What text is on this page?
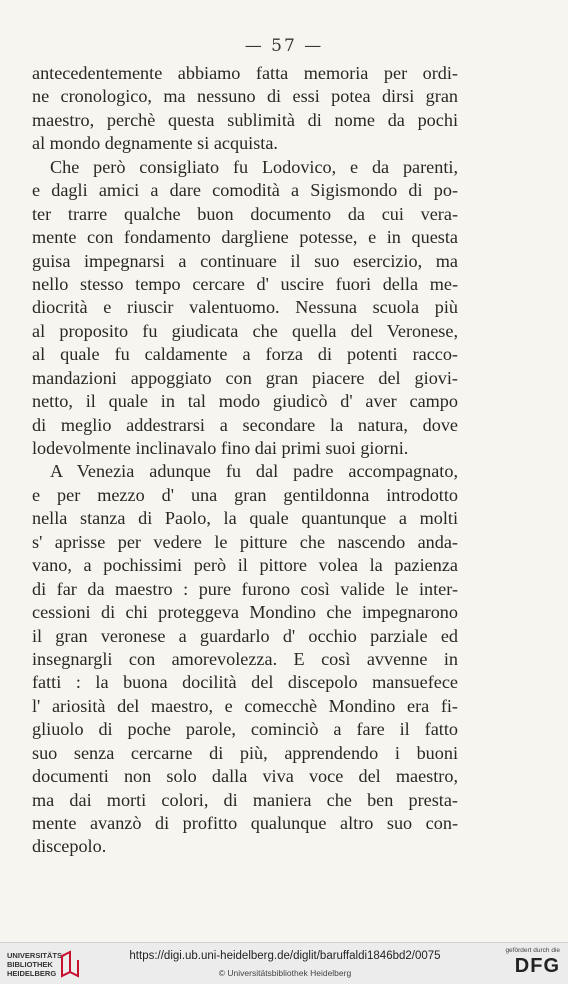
— 57 —
antecedentemente abbiamo fatta memoria per ordi-
ne cronologico, ma nessuno di essi potea dirsi gran
maestro, perchè questa sublimità di nome da pochi
al mondo degnamente si acquista.
Che però consigliato fu Lodovico, e da parenti,
e dagli amici a dare comodità a Sigismondo di po-
ter trarre qualche buon documento da cui vera-
mente con fondamento dargliene potesse, e in questa
guisa impegnarsi a continuare il suo esercizio, ma
nello stesso tempo cercare d' uscire fuori della me-
diocrità e riuscir valentuomo. Nessuna scuola più
al proposito fu giudicata che quella del Veronese,
al quale fu caldamente a forza di potenti racco-
mandazioni appoggiato con gran piacere del giovi-
netto, il quale in tal modo giudicò d' aver campo
di meglio addestrarsi a secondare la natura, dove
lodevolmente inclinavalo fino dai primi suoi giorni.
A Venezia adunque fu dal padre accompagnato,
e per mezzo d' una gran gentildonna introdotto
nella stanza di Paolo, la quale quantunque a molti
s' aprisse per vedere le pitture che nascendo anda-
vano, a pochissimi però il pittore volea la pazienza
di far da maestro : pure furono così valide le inter-
cessioni di chi proteggeva Mondino che impegnarono
il gran veronese a guardarlo d' occhio parziale ed
insegnargli con amorevolezza. E così avvenne in
fatti : la buona docilità del discepolo mansuefece
l' ariosità del maestro, e comecchè Mondino era fi-
gliuolo di poche parole, cominciò a fare il fatto
suo senza cercarne di più, apprendendo i buoni
documenti non solo dalla viva voce del maestro,
ma dai morti colori, di maniera che ben presta-
mente avanzò di profitto qualunque altro suo con-
discepolo.
UNIVERSITÄTS-
BIBLIOTHEK
HEIDELBERG
https://digi.ub.uni-heidelberg.de/diglit/baruffaldi1846bd2/0075
© Universitätsbibliothek Heidelberg
gefördert durch die
DFG
